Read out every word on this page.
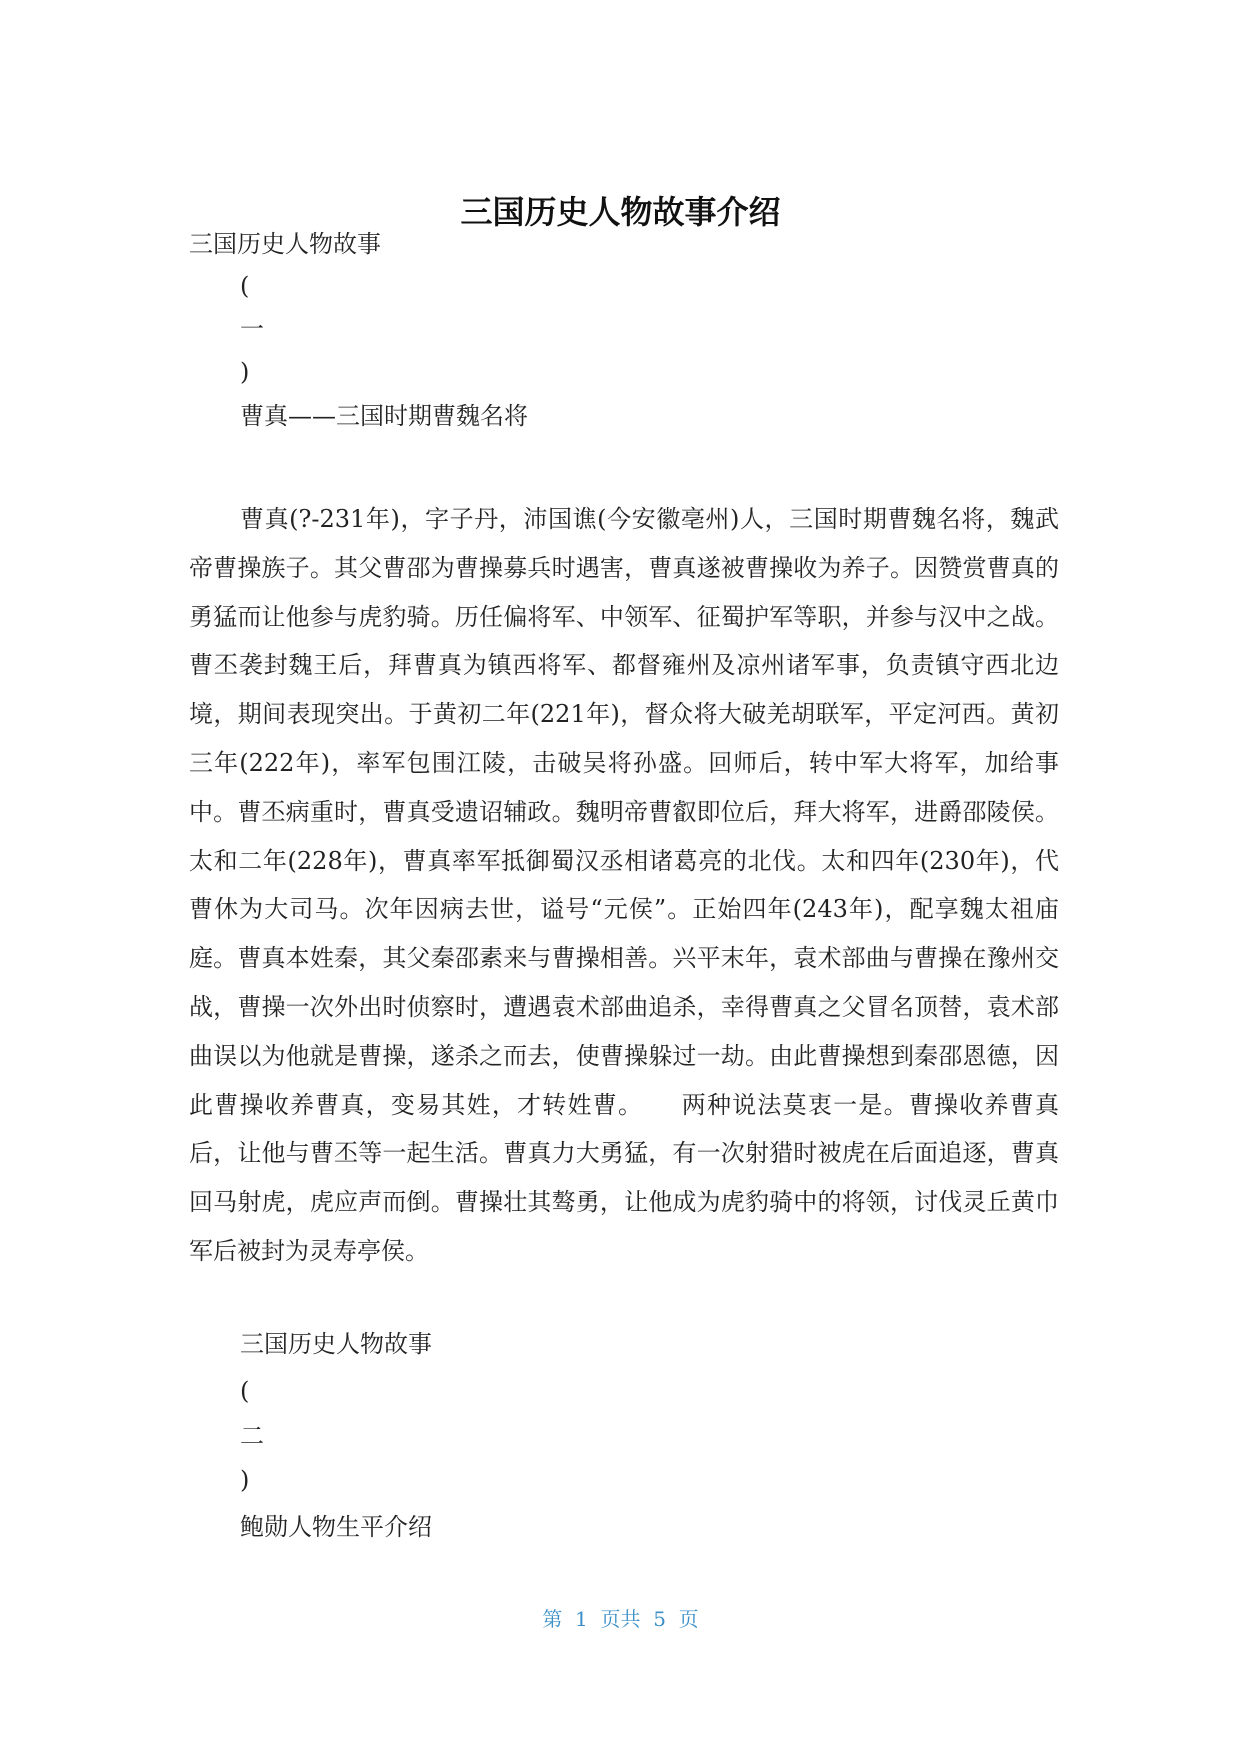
三国历史人物故事介绍
三国历史人物故事
(
一
)
曹真——三国时期曹魏名将

曹真(?-231年)，字子丹，沛国谯(今安徽亳州)人，三国时期曹魏名将，魏武帝曹操族子。其父曹邵为曹操募兵时遇害，曹真遂被曹操收为养子。因赞赏曹真的勇猛而让他参与虎豹骑。历任偏将军、中领军、征蜀护军等职，并参与汉中之战。曹丕袭封魏王后，拜曹真为镇西将军、都督雍州及凉州诸军事，负责镇守西北边境，期间表现突出。于黄初二年(221年)，督众将大破羌胡联军，平定河西。黄初三年(222年)，率军包围江陵，击破吴将孙盛。回师后，转中军大将军，加给事中。曹丕病重时，曹真受遗诏辅政。魏明帝曹叡即位后，拜大将军，进爵邵陵侯。太和二年(228年)，曹真率军抵御蜀汉丞相诸葛亮的北伐。太和四年(230年)，代曹休为大司马。次年因病去世，谥号“元侯”。正始四年(243年)，配享魏太祖庙庭。曹真本姓秦，其父秦邵素来与曹操相善。兴平末年，袁术部曲与曹操在豫州交战，曹操一次外出时侦察时，遭遇袁术部曲追杀，幸得曹真之父冒名顶替，袁术部曲误以为他就是曹操，遂杀之而去，使曹操躲过一劫。由此曹操想到秦邵恩德，因此曹操收养曹真，变易其姓，才转姓曹。　　两种说法莫衷一是。曹操收养曹真后，让他与曹丕等一起生活。曹真力大勇猛，有一次射猎时被虎在后面追逐，曹真回马射虎，虎应声而倒。曹操壮其骜勇，让他成为虎豹骑中的将领，讨伐灵丘黄巾军后被封为灵寿亭侯。

三国历史人物故事
(
二
)
鲍勋人物生平介绍
第  1  页共  5  页
